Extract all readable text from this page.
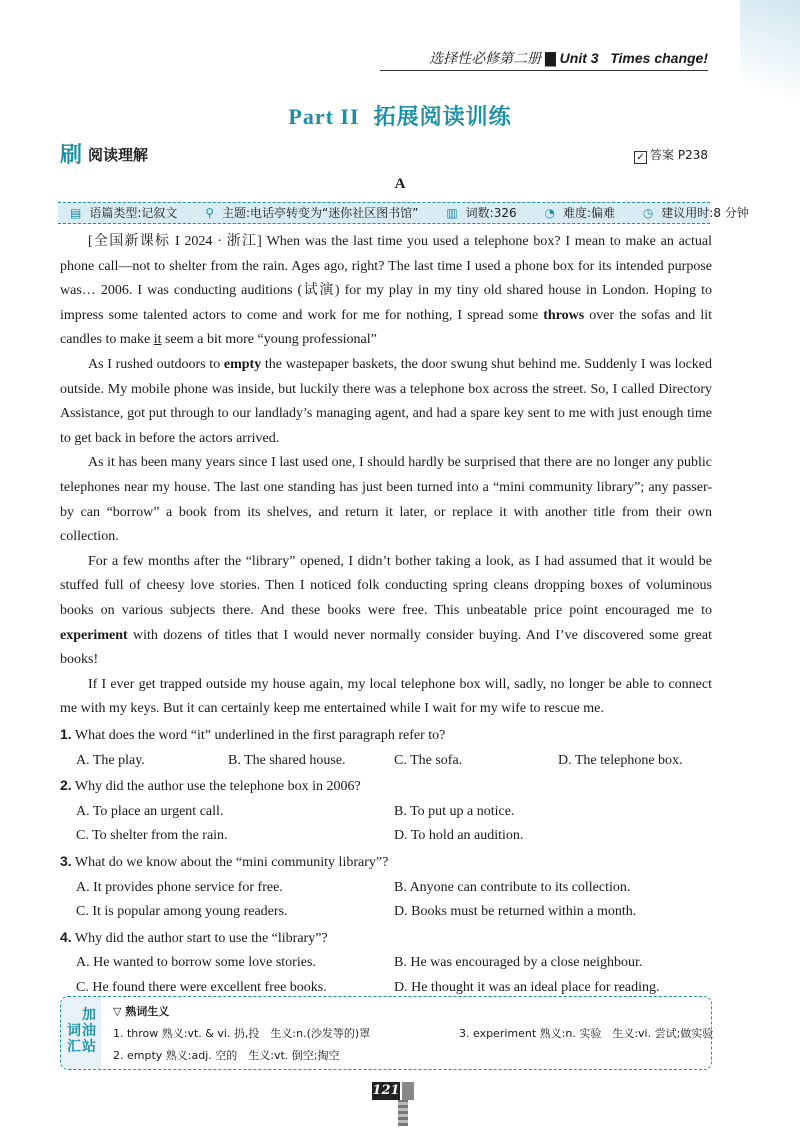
选择性必修第二册 ▇ Unit 3 Times change!
Part II 拓展阅读训练
刷 阅读理解	✓ 答案 P238
A
▤ 语篇类型:记叙文 ⚲ 主题:电话亭转变为“迷你社区图书馆” ▥ 词数:326 ◔ 难度:偏难 ◷ 建议用时:8 分钟

[全国新课标 I 2024 · 浙江] When was the last time you used a telephone box? I mean to make an actual phone call—not to shelter from the rain. Ages ago, right? The last time I used a phone box for its intended purpose was… 2006. I was conducting auditions (试演) for my play in my tiny old shared house in London. Hoping to impress some talented actors to come and work for me for nothing, I spread some throws over the sofas and lit candles to make it seem a bit more “young professional”

As I rushed outdoors to empty the wastepaper baskets, the door swung shut behind me. Suddenly I was locked outside. My mobile phone was inside, but luckily there was a telephone box across the street. So, I called Directory Assistance, got put through to our landlady’s managing agent, and had a spare key sent to me with just enough time to get back in before the actors arrived.

As it has been many years since I last used one, I should hardly be surprised that there are no longer any public telephones near my house. The last one standing has just been turned into a “mini community library”; any passer-by can “borrow” a book from its shelves, and return it later, or replace it with another title from their own collection.

For a few months after the “library” opened, I didn’t bother taking a look, as I had assumed that it would be stuffed full of cheesy love stories. Then I noticed folk conducting spring cleans dropping boxes of voluminous books on various subjects there. And these books were free. This unbeatable price point encouraged me to experiment with dozens of titles that I would never normally consider buying. And I’ve discovered some great books!

If I ever get trapped outside my house again, my local telephone box will, sadly, no longer be able to connect me with my keys. But it can certainly keep me entertained while I wait for my wife to rescue me.

1. What does the word “it” underlined in the first paragraph refer to?
A. The play.	B. The shared house.	C. The sofa.	D. The telephone box.
2. Why did the author use the telephone box in 2006?
A. To place an urgent call.	B. To put up a notice.
C. To shelter from the rain.	D. To hold an audition.
3. What do we know about the “mini community library”?
A. It provides phone service for free.	B. Anyone can contribute to its collection.
C. It is popular among young readers.	D. Books must be returned within a month.
4. Why did the author start to use the “library”?
A. He wanted to borrow some love stories.	B. He was encouraged by a close neighbour.
C. He found there were excellent free books.	D. He thought it was an ideal place for reading.
词汇
加油站
▽ 熟词生义
1. throw 熟义:vt. & vi. 扔,投　生义:n.(沙发等的)罩	3. experiment 熟义:n. 实验　生义:vi. 尝试;做实验
2. empty 熟义:adj. 空的　生义:vt. 倒空;掏空
121
